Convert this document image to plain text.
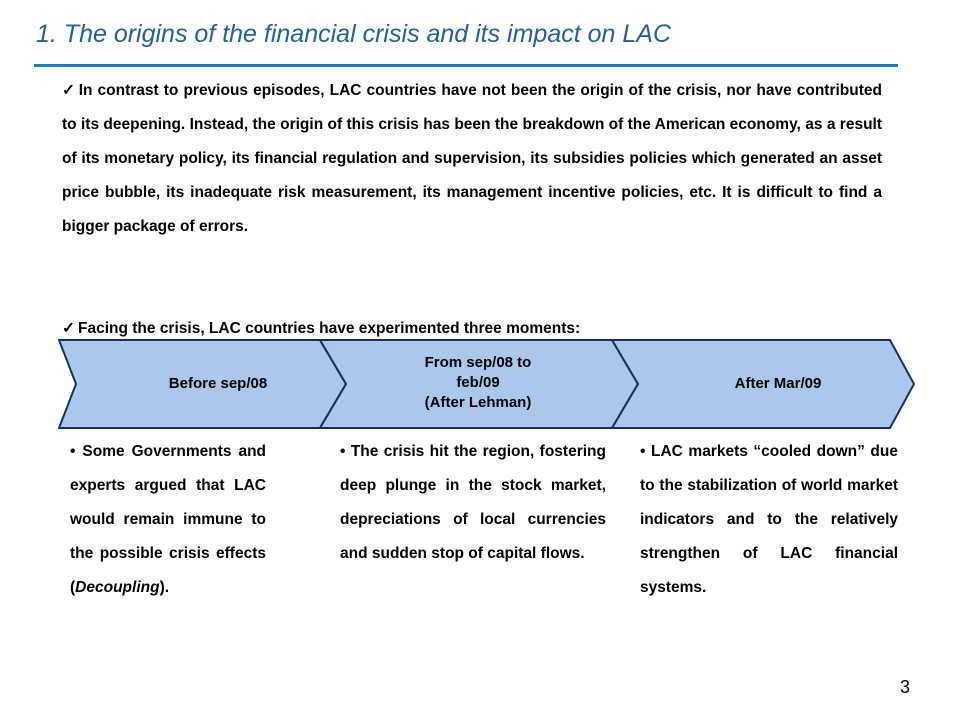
1. The origins of the financial crisis and its impact on LAC
✓ In contrast to previous episodes, LAC countries have not been the origin of the crisis, nor have contributed to its deepening. Instead, the origin of this crisis has been the breakdown of the American economy, as a result of its monetary policy, its financial regulation and supervision, its subsidies policies which generated an asset price bubble, its inadequate risk measurement, its management incentive policies, etc. It is difficult to find a bigger package of errors.
✓ Facing the crisis, LAC countries have experimented three moments:
Before sep/08
From sep/08 to
feb/09
(After Lehman)
After Mar/09
• Some Governments and experts argued that LAC would remain immune to the possible crisis effects (Decoupling).
• The crisis hit the region, fostering deep plunge in the stock market, depreciations of local currencies and sudden stop of capital flows.
• LAC markets “cooled down” due to the stabilization of world market indicators and to the relatively strengthen of LAC financial systems.
3
